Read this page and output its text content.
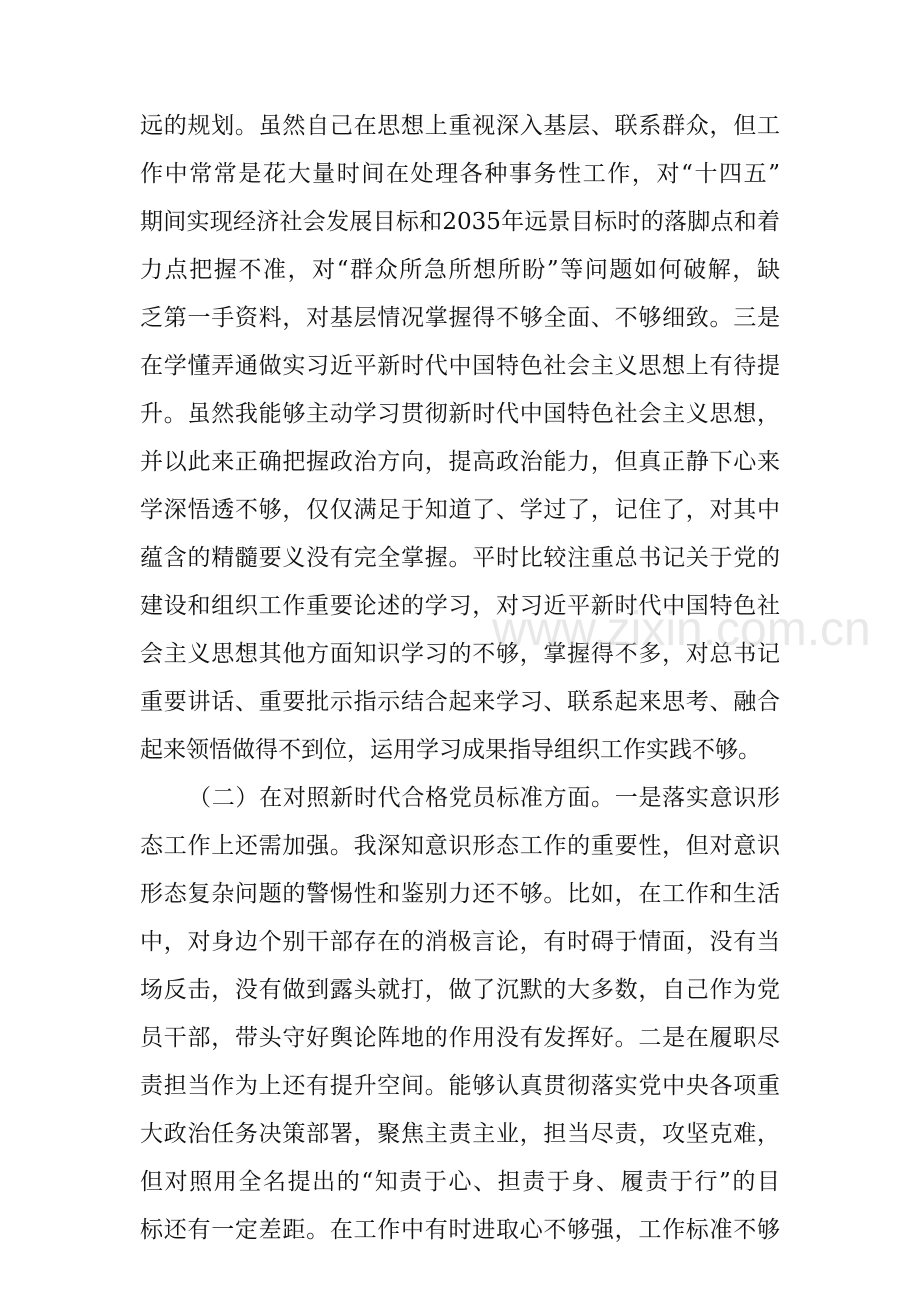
远的规划。虽然自己在思想上重视深入基层、联系群众，但工
作中常常是花大量时间在处理各种事务性工作，对“十四五”
期间实现经济社会发展目标和2035年远景目标时的落脚点和着
力点把握不准，对“群众所急所想所盼”等问题如何破解，缺
乏第一手资料，对基层情况掌握得不够全面、不够细致。三是
在学懂弄通做实习近平新时代中国特色社会主义思想上有待提
升。虽然我能够主动学习贯彻新时代中国特色社会主义思想，
并以此来正确把握政治方向，提高政治能力，但真正静下心来
学深悟透不够，仅仅满足于知道了、学过了，记住了，对其中
蕴含的精髓要义没有完全掌握。平时比较注重总书记关于党的
建设和组织工作重要论述的学习，对习近平新时代中国特色社
会主义思想其他方面知识学习的不够，掌握得不多，对总书记
重要讲话、重要批示指示结合起来学习、联系起来思考、融合
起来领悟做得不到位，运用学习成果指导组织工作实践不够。
（二）在对照新时代合格党员标准方面。一是落实意识形
态工作上还需加强。我深知意识形态工作的重要性，但对意识
形态复杂问题的警惕性和鉴别力还不够。比如，在工作和生活
中，对身边个别干部存在的消极言论，有时碍于情面，没有当
场反击，没有做到露头就打，做了沉默的大多数，自己作为党
员干部，带头守好舆论阵地的作用没有发挥好。二是在履职尽
责担当作为上还有提升空间。能够认真贯彻落实党中央各项重
大政治任务决策部署，聚焦主责主业，担当尽责，攻坚克难，
但对照用全名提出的“知责于心、担责于身、履责于行”的目
标还有一定差距。在工作中有时进取心不够强，工作标准不够
www.zixin.com.cn
